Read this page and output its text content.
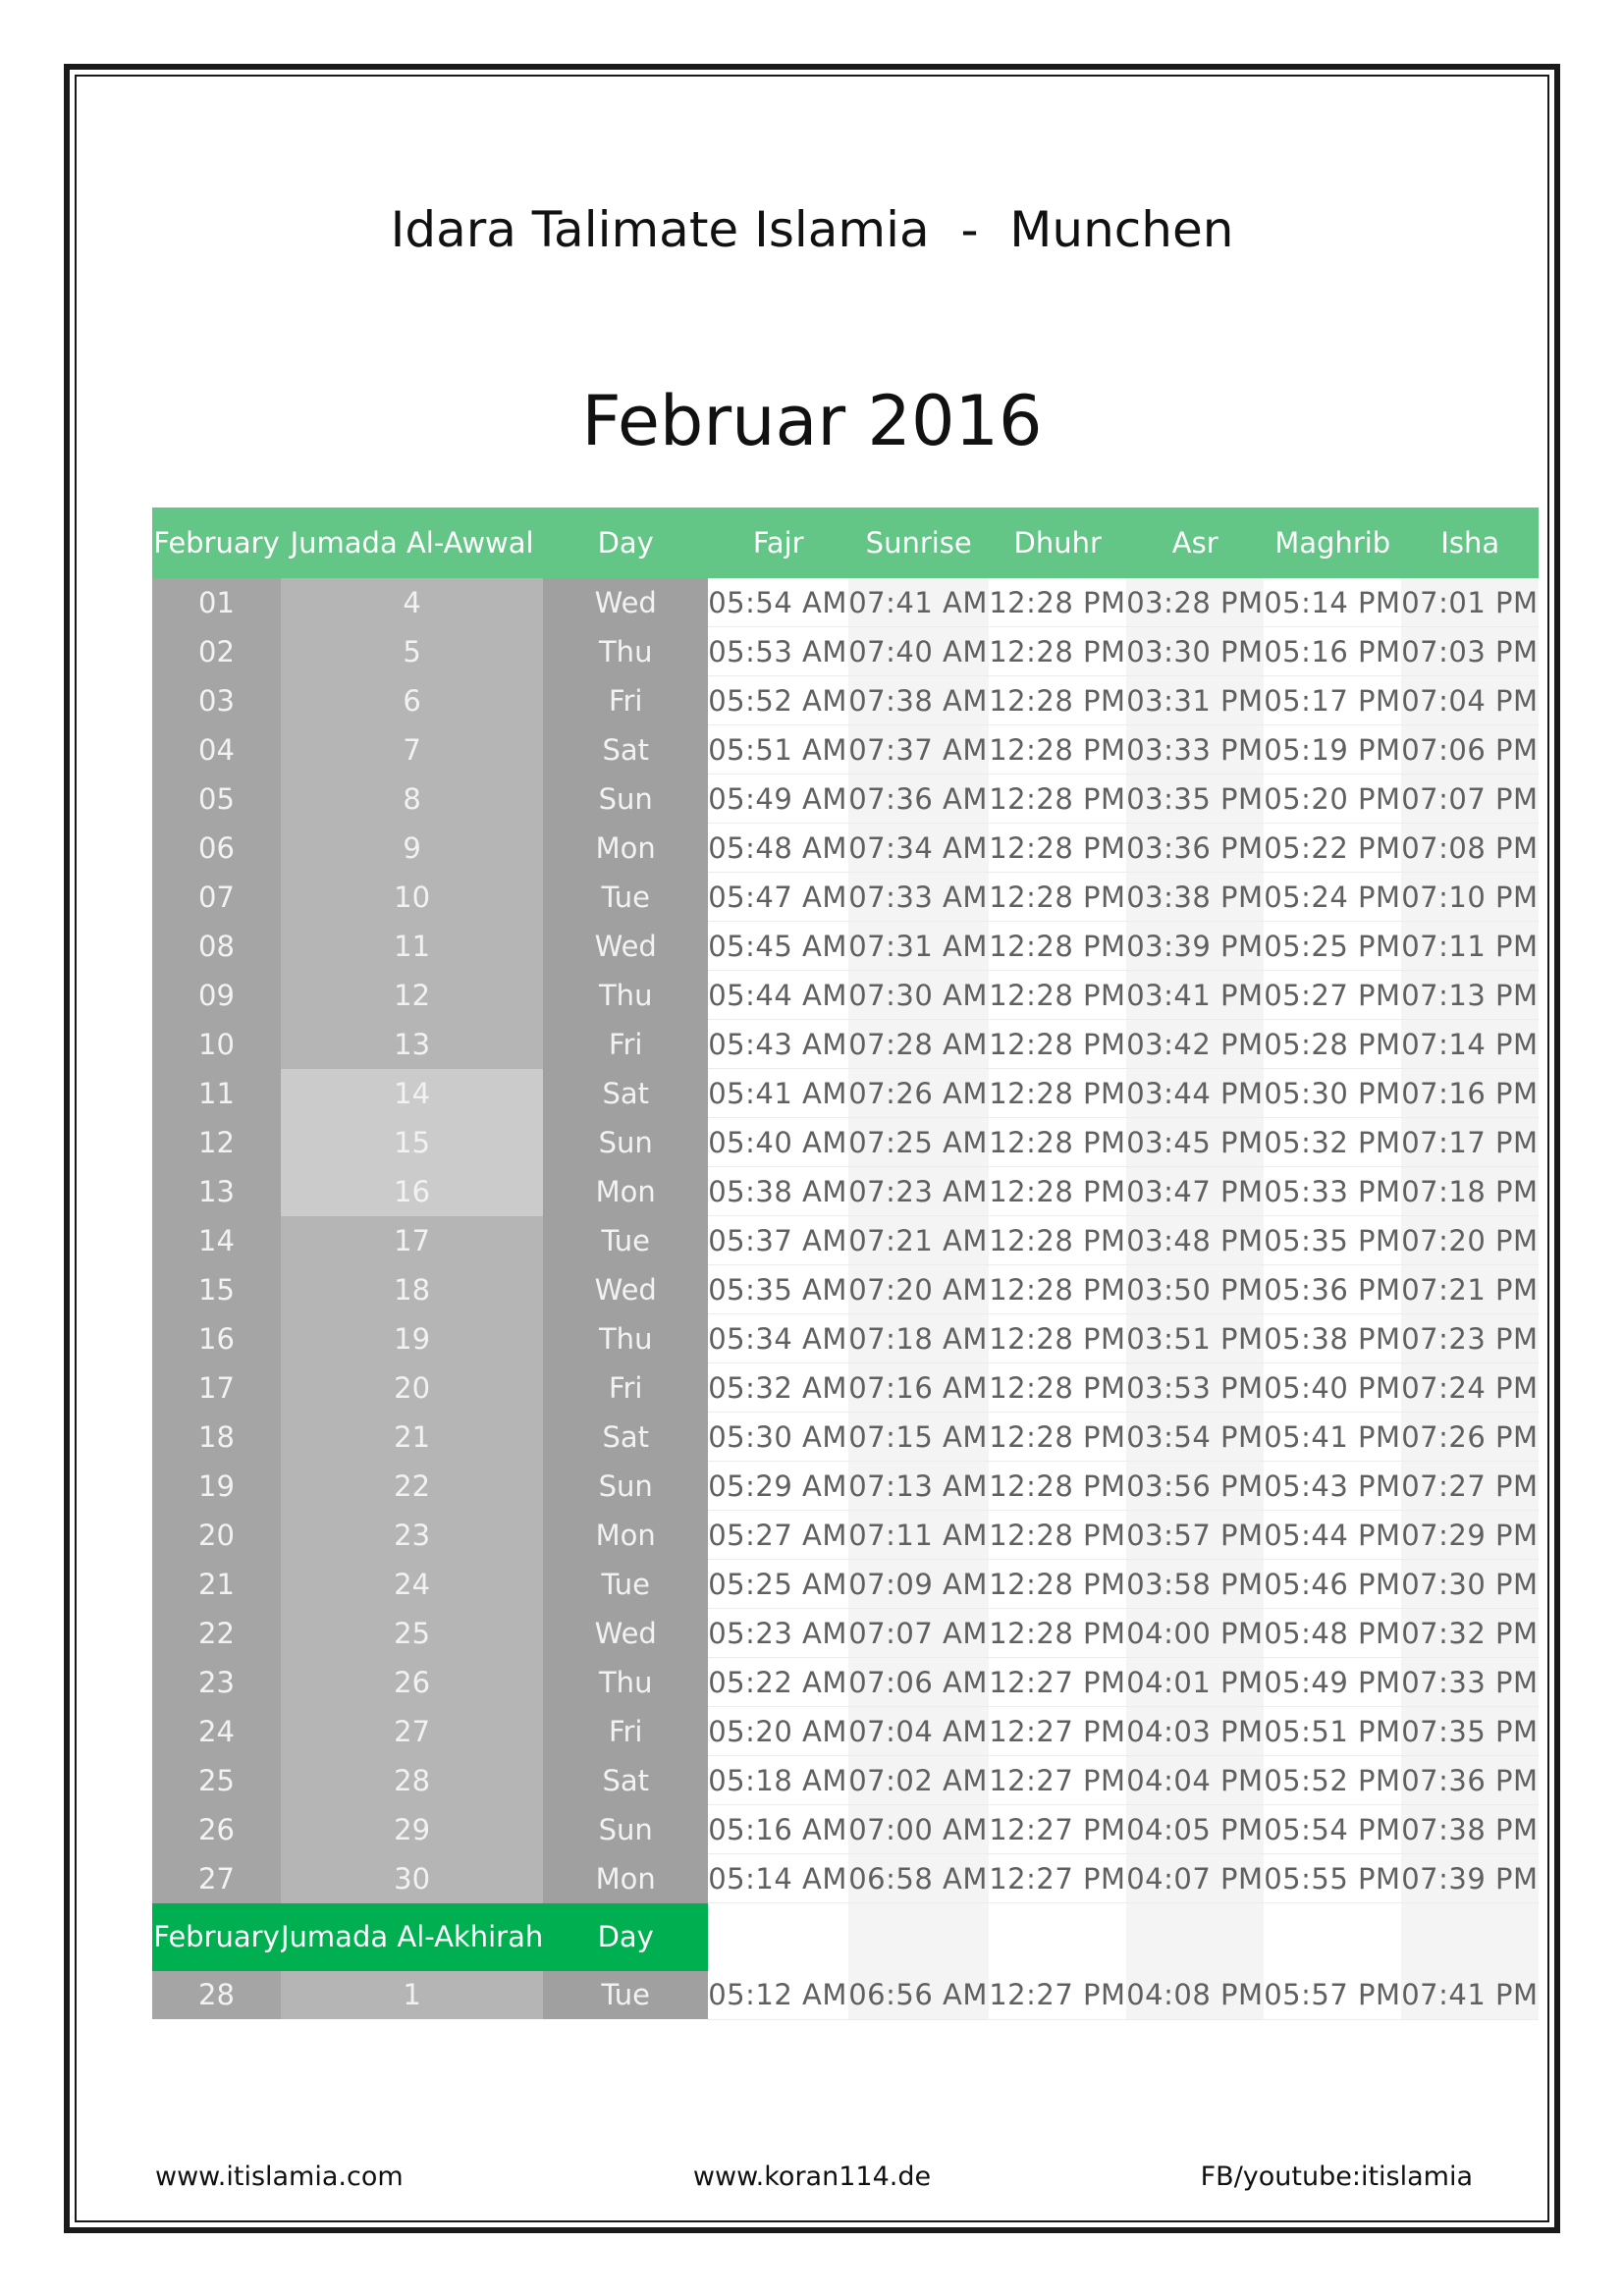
Idara Talimate Islamia  -  Munchen
Februar 2016
February	Jumada Al-Awwal	Day	Fajr	Sunrise	Dhuhr	Asr	Maghrib	Isha
01	4	Wed	05:54 AM	07:41 AM	12:28 PM	03:28 PM	05:14 PM	07:01 PM
02	5	Thu	05:53 AM	07:40 AM	12:28 PM	03:30 PM	05:16 PM	07:03 PM
03	6	Fri	05:52 AM	07:38 AM	12:28 PM	03:31 PM	05:17 PM	07:04 PM
04	7	Sat	05:51 AM	07:37 AM	12:28 PM	03:33 PM	05:19 PM	07:06 PM
05	8	Sun	05:49 AM	07:36 AM	12:28 PM	03:35 PM	05:20 PM	07:07 PM
06	9	Mon	05:48 AM	07:34 AM	12:28 PM	03:36 PM	05:22 PM	07:08 PM
07	10	Tue	05:47 AM	07:33 AM	12:28 PM	03:38 PM	05:24 PM	07:10 PM
08	11	Wed	05:45 AM	07:31 AM	12:28 PM	03:39 PM	05:25 PM	07:11 PM
09	12	Thu	05:44 AM	07:30 AM	12:28 PM	03:41 PM	05:27 PM	07:13 PM
10	13	Fri	05:43 AM	07:28 AM	12:28 PM	03:42 PM	05:28 PM	07:14 PM
11	14	Sat	05:41 AM	07:26 AM	12:28 PM	03:44 PM	05:30 PM	07:16 PM
12	15	Sun	05:40 AM	07:25 AM	12:28 PM	03:45 PM	05:32 PM	07:17 PM
13	16	Mon	05:38 AM	07:23 AM	12:28 PM	03:47 PM	05:33 PM	07:18 PM
14	17	Tue	05:37 AM	07:21 AM	12:28 PM	03:48 PM	05:35 PM	07:20 PM
15	18	Wed	05:35 AM	07:20 AM	12:28 PM	03:50 PM	05:36 PM	07:21 PM
16	19	Thu	05:34 AM	07:18 AM	12:28 PM	03:51 PM	05:38 PM	07:23 PM
17	20	Fri	05:32 AM	07:16 AM	12:28 PM	03:53 PM	05:40 PM	07:24 PM
18	21	Sat	05:30 AM	07:15 AM	12:28 PM	03:54 PM	05:41 PM	07:26 PM
19	22	Sun	05:29 AM	07:13 AM	12:28 PM	03:56 PM	05:43 PM	07:27 PM
20	23	Mon	05:27 AM	07:11 AM	12:28 PM	03:57 PM	05:44 PM	07:29 PM
21	24	Tue	05:25 AM	07:09 AM	12:28 PM	03:58 PM	05:46 PM	07:30 PM
22	25	Wed	05:23 AM	07:07 AM	12:28 PM	04:00 PM	05:48 PM	07:32 PM
23	26	Thu	05:22 AM	07:06 AM	12:27 PM	04:01 PM	05:49 PM	07:33 PM
24	27	Fri	05:20 AM	07:04 AM	12:27 PM	04:03 PM	05:51 PM	07:35 PM
25	28	Sat	05:18 AM	07:02 AM	12:27 PM	04:04 PM	05:52 PM	07:36 PM
26	29	Sun	05:16 AM	07:00 AM	12:27 PM	04:05 PM	05:54 PM	07:38 PM
27	30	Mon	05:14 AM	06:58 AM	12:27 PM	04:07 PM	05:55 PM	07:39 PM
February	Jumada Al-Akhirah	Day						
28	1	Tue	05:12 AM	06:56 AM	12:27 PM	04:08 PM	05:57 PM	07:41 PM
www.itislamia.com	www.koran114.de	FB/youtube:itislamia
